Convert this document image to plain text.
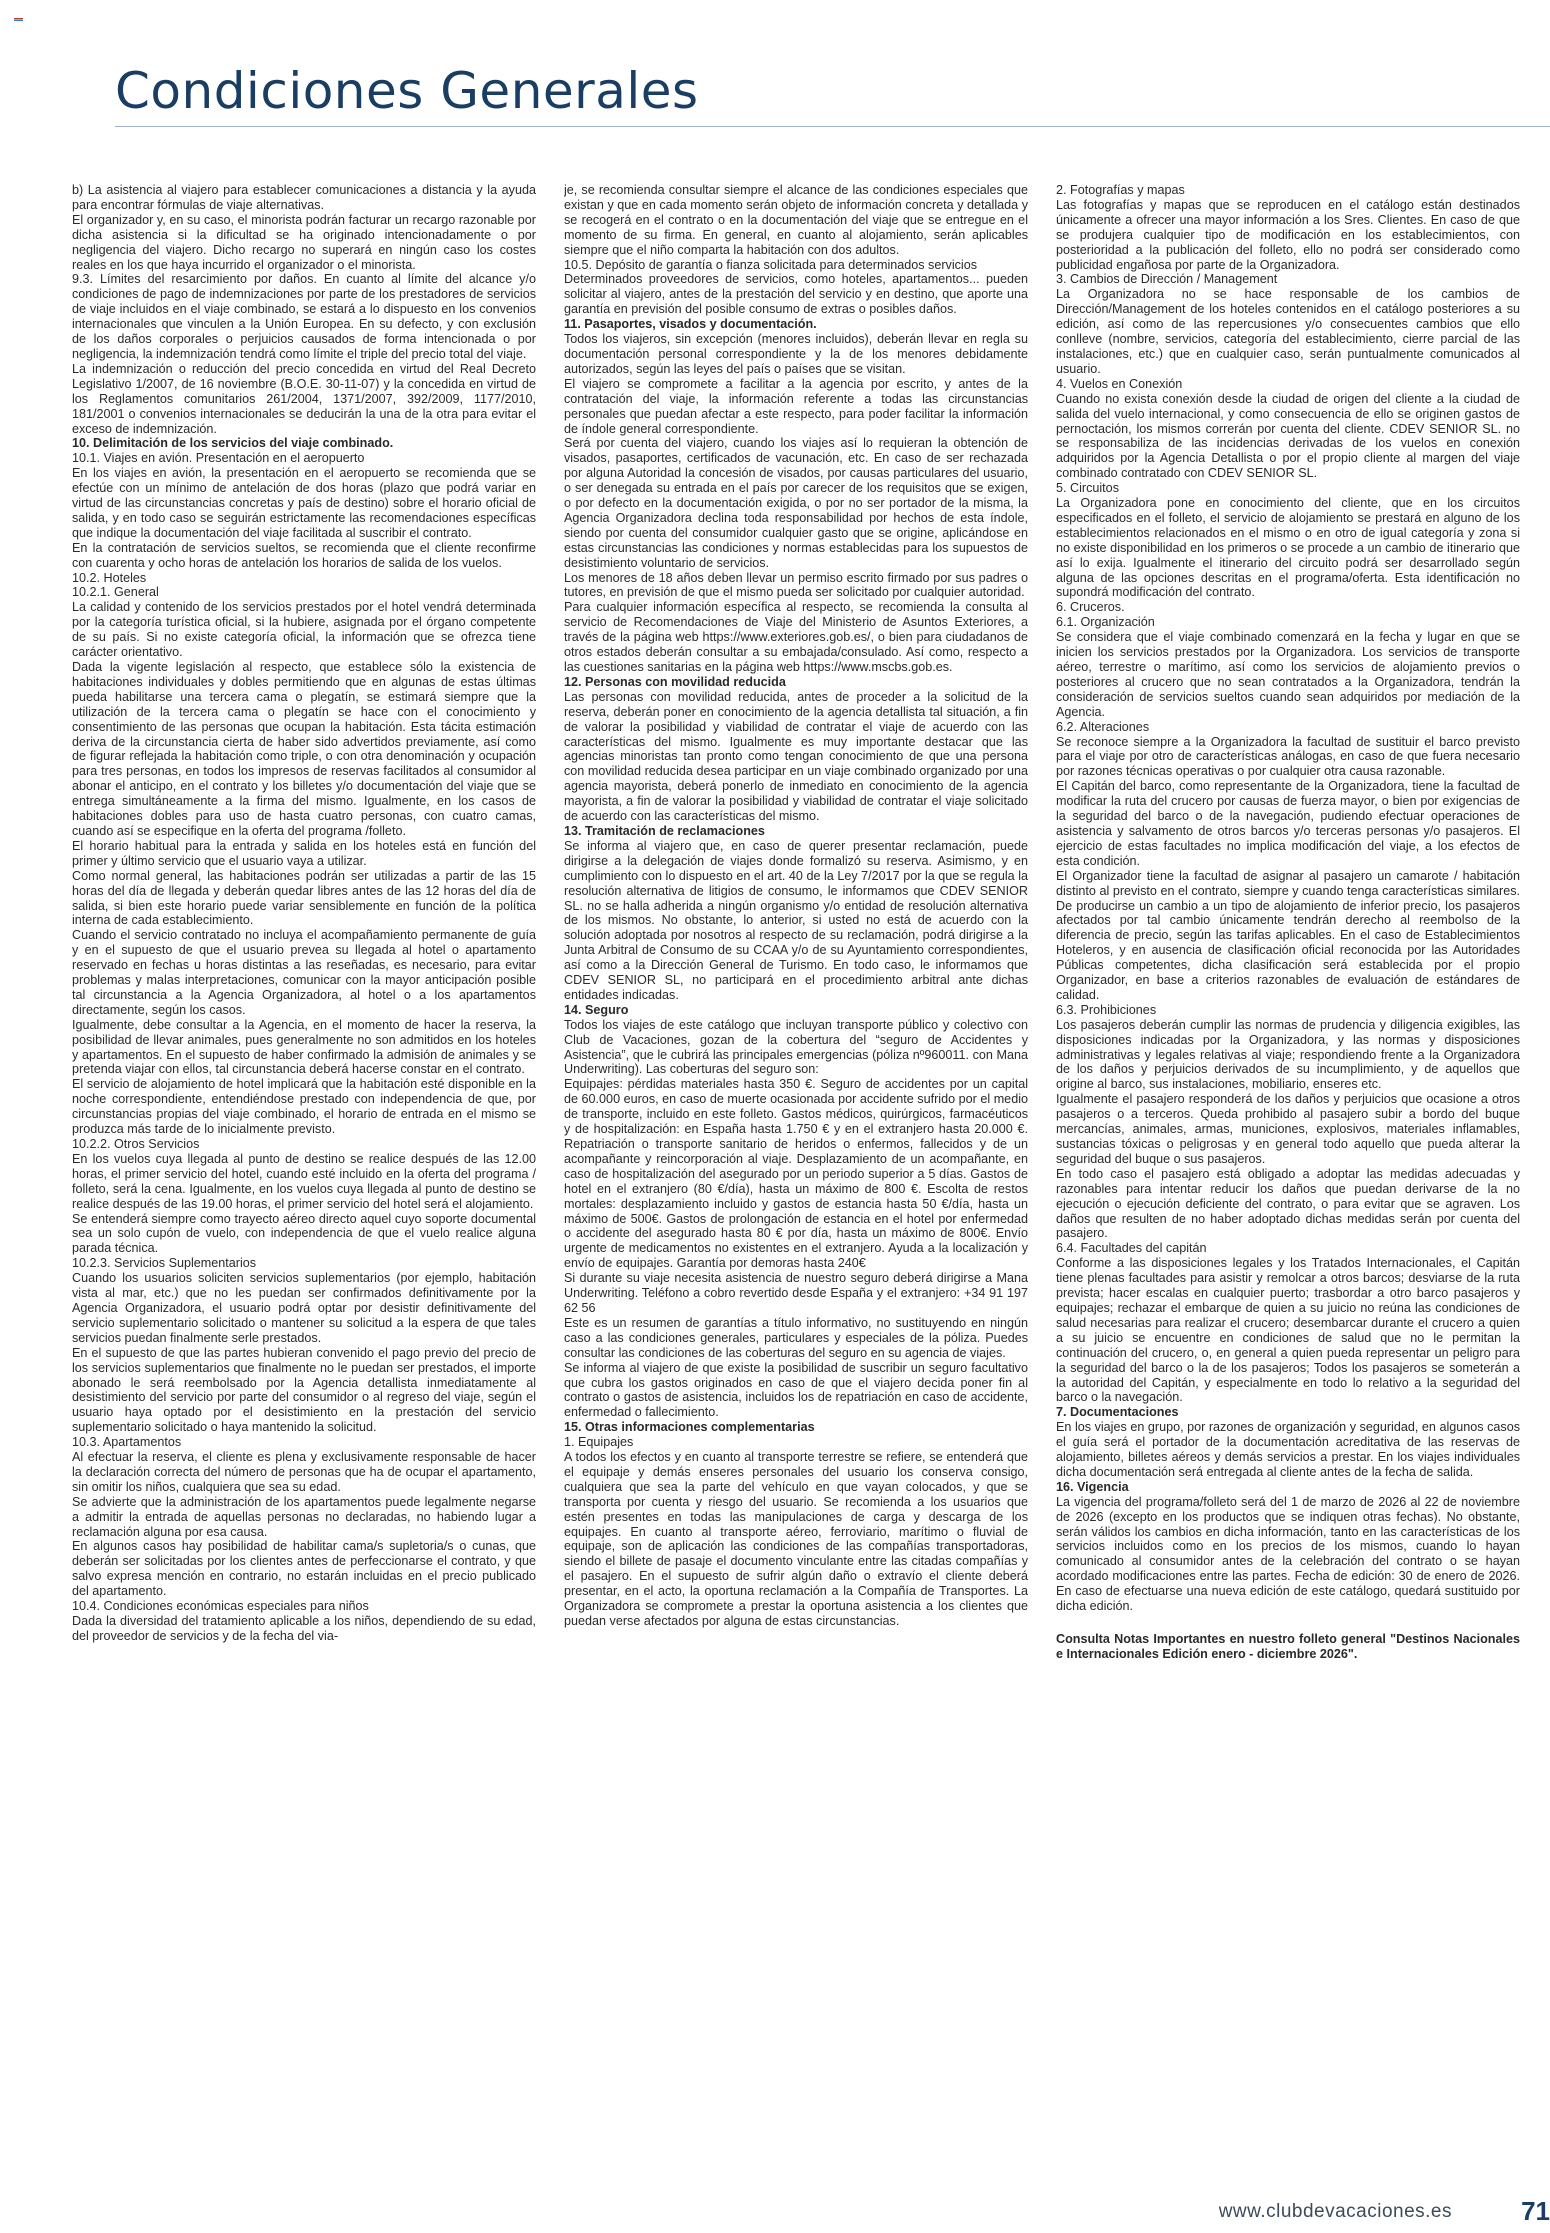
Condiciones Generales

b) La asistencia al viajero para establecer comunicaciones a distancia y la ayuda para encontrar fórmulas de viaje alternativas.

El organizador y, en su caso, el minorista podrán facturar un recargo razonable por dicha asistencia si la dificultad se ha originado intencionadamente o por negligencia del viajero. Dicho recargo no superará en ningún caso los costes reales en los que haya incurrido el organizador o el minorista.

9.3. Límites del resarcimiento por daños. En cuanto al límite del alcance y/o condiciones de pago de indemnizaciones por parte de los prestadores de servicios de viaje incluidos en el viaje combinado, se estará a lo dispuesto en los convenios internacionales que vinculen a la Unión Europea. En su defecto, y con exclusión de los daños corporales o perjuicios causados de forma intencionada o por negligencia, la indemnización tendrá como límite el triple del precio total del viaje.

La indemnización o reducción del precio concedida en virtud del Real Decreto Legislativo 1/2007, de 16 noviembre (B.O.E. 30-11-07) y la concedida en virtud de los Reglamentos comunitarios 261/2004, 1371/2007, 392/2009, 1177/2010, 181/2001 o convenios internacionales se deducirán la una de la otra para evitar el exceso de indemnización.

10. Delimitación de los servicios del viaje combinado.

10.1. Viajes en avión. Presentación en el aeropuerto

En los viajes en avión, la presentación en el aeropuerto se recomienda que se efectúe con un mínimo de antelación de dos horas (plazo que podrá variar en virtud de las circunstancias concretas y país de destino) sobre el horario oficial de salida, y en todo caso se seguirán estrictamente las recomendaciones específicas que indique la documentación del viaje facilitada al suscribir el contrato.

En la contratación de servicios sueltos, se recomienda que el cliente reconfirme con cuarenta y ocho horas de antelación los horarios de salida de los vuelos.

10.2. Hoteles

10.2.1. General

La calidad y contenido de los servicios prestados por el hotel vendrá determinada por la categoría turística oficial, si la hubiere, asignada por el órgano competente de su país. Si no existe categoría oficial, la información que se ofrezca tiene carácter orientativo.

Dada la vigente legislación al respecto, que establece sólo la existencia de habitaciones individuales y dobles permitiendo que en algunas de estas últimas pueda habilitarse una tercera cama o plegatín, se estimará siempre que la utilización de la tercera cama o plegatín se hace con el conocimiento y consentimiento de las personas que ocupan la habitación. Esta tácita estimación deriva de la circunstancia cierta de haber sido advertidos previamente, así como de figurar reflejada la habitación como triple, o con otra denominación y ocupación para tres personas, en todos los impresos de reservas facilitados al consumidor al abonar el anticipo, en el contrato y los billetes y/o documentación del viaje que se entrega simultáneamente a la firma del mismo. Igualmente, en los casos de habitaciones dobles para uso de hasta cuatro personas, con cuatro camas, cuando así se especifique en la oferta del programa /folleto.

El horario habitual para la entrada y salida en los hoteles está en función del primer y último servicio que el usuario vaya a utilizar.

Como normal general, las habitaciones podrán ser utilizadas a partir de las 15 horas del día de llegada y deberán quedar libres antes de las 12 horas del día de salida, si bien este horario puede variar sensiblemente en función de la política interna de cada establecimiento.

Cuando el servicio contratado no incluya el acompañamiento permanente de guía y en el supuesto de que el usuario prevea su llegada al hotel o apartamento reservado en fechas u horas distintas a las reseñadas, es necesario, para evitar problemas y malas interpretaciones, comunicar con la mayor anticipación posible tal circunstancia a la Agencia Organizadora, al hotel o a los apartamentos directamente, según los casos.

Igualmente, debe consultar a la Agencia, en el momento de hacer la reserva, la posibilidad de llevar animales, pues generalmente no son admitidos en los hoteles y apartamentos. En el supuesto de haber confirmado la admisión de animales y se pretenda viajar con ellos, tal circunstancia deberá hacerse constar en el contrato.

El servicio de alojamiento de hotel implicará que la habitación esté disponible en la noche correspondiente, entendiéndose prestado con independencia de que, por circunstancias propias del viaje combinado, el horario de entrada en el mismo se produzca más tarde de lo inicialmente previsto.

10.2.2. Otros Servicios

En los vuelos cuya llegada al punto de destino se realice después de las 12.00 horas, el primer servicio del hotel, cuando esté incluido en la oferta del programa / folleto, será la cena. Igualmente, en los vuelos cuya llegada al punto de destino se realice después de las 19.00 horas, el primer servicio del hotel será el alojamiento.

Se entenderá siempre como trayecto aéreo directo aquel cuyo soporte documental sea un solo cupón de vuelo, con independencia de que el vuelo realice alguna parada técnica.

10.2.3. Servicios Suplementarios

Cuando los usuarios soliciten servicios suplementarios (por ejemplo, habitación vista al mar, etc.) que no les puedan ser confirmados definitivamente por la Agencia Organizadora, el usuario podrá optar por desistir definitivamente del servicio suplementario solicitado o mantener su solicitud a la espera de que tales servicios puedan finalmente serle prestados.

En el supuesto de que las partes hubieran convenido el pago previo del precio de los servicios suplementarios que finalmente no le puedan ser prestados, el importe abonado le será reembolsado por la Agencia detallista inmediatamente al desistimiento del servicio por parte del consumidor o al regreso del viaje, según el usuario haya optado por el desistimiento en la prestación del servicio suplementario solicitado o haya mantenido la solicitud.

10.3. Apartamentos

Al efectuar la reserva, el cliente es plena y exclusivamente responsable de hacer la declaración correcta del número de personas que ha de ocupar el apartamento, sin omitir los niños, cualquiera que sea su edad.

Se advierte que la administración de los apartamentos puede legalmente negarse a admitir la entrada de aquellas personas no declaradas, no habiendo lugar a reclamación alguna por esa causa.

En algunos casos hay posibilidad de habilitar cama/s supletoria/s o cunas, que deberán ser solicitadas por los clientes antes de perfeccionarse el contrato, y que salvo expresa mención en contrario, no estarán incluidas en el precio publicado del apartamento.

10.4. Condiciones económicas especiales para niños

Dada la diversidad del tratamiento aplicable a los niños, dependiendo de su edad, del proveedor de servicios y de la fecha del via-

je, se recomienda consultar siempre el alcance de las condiciones especiales que existan y que en cada momento serán objeto de información concreta y detallada y se recogerá en el contrato o en la documentación del viaje que se entregue en el momento de su firma. En general, en cuanto al alojamiento, serán aplicables siempre que el niño comparta la habitación con dos adultos.

10.5. Depósito de garantía o fianza solicitada para determinados servicios

Determinados proveedores de servicios, como hoteles, apartamentos... pueden solicitar al viajero, antes de la prestación del servicio y en destino, que aporte una garantía en previsión del posible consumo de extras o posibles daños.

11. Pasaportes, visados y documentación.

Todos los viajeros, sin excepción (menores incluidos), deberán llevar en regla su documentación personal correspondiente y la de los menores debidamente autorizados, según las leyes del país o países que se visitan.

El viajero se compromete a facilitar a la agencia por escrito, y antes de la contratación del viaje, la información referente a todas las circunstancias personales que puedan afectar a este respecto, para poder facilitar la información de índole general correspondiente.

Será por cuenta del viajero, cuando los viajes así lo requieran la obtención de visados, pasaportes, certificados de vacunación, etc. En caso de ser rechazada por alguna Autoridad la concesión de visados, por causas particulares del usuario, o ser denegada su entrada en el país por carecer de los requisitos que se exigen, o por defecto en la documentación exigida, o por no ser portador de la misma, la Agencia Organizadora declina toda responsabilidad por hechos de esta índole, siendo por cuenta del consumidor cualquier gasto que se origine, aplicándose en estas circunstancias las condiciones y normas establecidas para los supuestos de desistimiento voluntario de servicios.

Los menores de 18 años deben llevar un permiso escrito firmado por sus padres o tutores, en previsión de que el mismo pueda ser solicitado por cualquier autoridad.

Para cualquier información específica al respecto, se recomienda la consulta al servicio de Recomendaciones de Viaje del Ministerio de Asuntos Exteriores, a través de la página web https://www.exteriores.gob.es/, o bien para ciudadanos de otros estados deberán consultar a su embajada/consulado. Así como, respecto a las cuestiones sanitarias en la página web https://www.mscbs.gob.es.

12. Personas con movilidad reducida

Las personas con movilidad reducida, antes de proceder a la solicitud de la reserva, deberán poner en conocimiento de la agencia detallista tal situación, a fin de valorar la posibilidad y viabilidad de contratar el viaje de acuerdo con las características del mismo. Igualmente es muy importante destacar que las agencias minoristas tan pronto como tengan conocimiento de que una persona con movilidad reducida desea participar en un viaje combinado organizado por una agencia mayorista, deberá ponerlo de inmediato en conocimiento de la agencia mayorista, a fin de valorar la posibilidad y viabilidad de contratar el viaje solicitado de acuerdo con las características del mismo.

13. Tramitación de reclamaciones

Se informa al viajero que, en caso de querer presentar reclamación, puede dirigirse a la delegación de viajes donde formalizó su reserva. Asimismo, y en cumplimiento con lo dispuesto en el art. 40 de la Ley 7/2017 por la que se regula la resolución alternativa de litigios de consumo, le informamos que CDEV SENIOR SL. no se halla adherida a ningún organismo y/o entidad de resolución alternativa de los mismos. No obstante, lo anterior, si usted no está de acuerdo con la solución adoptada por nosotros al respecto de su reclamación, podrá dirigirse a la Junta Arbitral de Consumo de su CCAA y/o de su Ayuntamiento correspondientes, así como a la Dirección General de Turismo. En todo caso, le informamos que CDEV SENIOR SL, no participará en el procedimiento arbitral ante dichas entidades indicadas.

14. Seguro

Todos los viajes de este catálogo que incluyan transporte público y colectivo con Club de Vacaciones, gozan de la cobertura del “seguro de Accidentes y Asistencia”, que le cubrirá las principales emergencias (póliza nº960011. con Mana Underwriting). Las coberturas del seguro son:

Equipajes: pérdidas materiales hasta 350 €. Seguro de accidentes por un capital de 60.000 euros, en caso de muerte ocasionada por accidente sufrido por el medio de transporte, incluido en este folleto. Gastos médicos, quirúrgicos, farmacéuticos y de hospitalización: en España hasta 1.750 € y en el extranjero hasta 20.000 €. Repatriación o transporte sanitario de heridos o enfermos, fallecidos y de un acompañante y reincorporación al viaje. Desplazamiento de un acompañante, en caso de hospitalización del asegurado por un periodo superior a 5 días. Gastos de hotel en el extranjero (80 €/día), hasta un máximo de 800 €. Escolta de restos mortales: desplazamiento incluido y gastos de estancia hasta 50 €/día, hasta un máximo de 500€. Gastos de prolongación de estancia en el hotel por enfermedad o accidente del asegurado hasta 80 € por día, hasta un máximo de 800€. Envío urgente de medicamentos no existentes en el extranjero. Ayuda a la localización y envío de equipajes. Garantía por demoras hasta 240€

Si durante su viaje necesita asistencia de nuestro seguro deberá dirigirse a Mana Underwriting. Teléfono a cobro revertido desde España y el extranjero: +34 91 197 62 56

Este es un resumen de garantías a título informativo, no sustituyendo en ningún caso a las condiciones generales, particulares y especiales de la póliza. Puedes consultar las condiciones de las coberturas del seguro en su agencia de viajes.

Se informa al viajero de que existe la posibilidad de suscribir un seguro facultativo que cubra los gastos originados en caso de que el viajero decida poner fin al contrato o gastos de asistencia, incluidos los de repatriación en caso de accidente, enfermedad o fallecimiento.

15. Otras informaciones complementarias

1. Equipajes

A todos los efectos y en cuanto al transporte terrestre se refiere, se entenderá que el equipaje y demás enseres personales del usuario los conserva consigo, cualquiera que sea la parte del vehículo en que vayan colocados, y que se transporta por cuenta y riesgo del usuario. Se recomienda a los usuarios que estén presentes en todas las manipulaciones de carga y descarga de los equipajes. En cuanto al transporte aéreo, ferroviario, marítimo o fluvial de equipaje, son de aplicación las condiciones de las compañías transportadoras, siendo el billete de pasaje el documento vinculante entre las citadas compañías y el pasajero. En el supuesto de sufrir algún daño o extravío el cliente deberá presentar, en el acto, la oportuna reclamación a la Compañía de Transportes. La Organizadora se compromete a prestar la oportuna asistencia a los clientes que puedan verse afectados por alguna de estas circunstancias.

2. Fotografías y mapas

Las fotografías y mapas que se reproducen en el catálogo están destinados únicamente a ofrecer una mayor información a los Sres. Clientes. En caso de que se produjera cualquier tipo de modificación en los establecimientos, con posterioridad a la publicación del folleto, ello no podrá ser considerado como publicidad engañosa por parte de la Organizadora.

3. Cambios de Dirección / Management

La Organizadora no se hace responsable de los cambios de Dirección/Management de los hoteles contenidos en el catálogo posteriores a su edición, así como de las repercusiones y/o consecuentes cambios que ello conlleve (nombre, servicios, categoría del establecimiento, cierre parcial de las instalaciones, etc.) que en cualquier caso, serán puntualmente comunicados al usuario.

4. Vuelos en Conexión

Cuando no exista conexión desde la ciudad de origen del cliente a la ciudad de salida del vuelo internacional, y como consecuencia de ello se originen gastos de pernoctación, los mismos correrán por cuenta del cliente. CDEV SENIOR SL. no se responsabiliza de las incidencias derivadas de los vuelos en conexión adquiridos por la Agencia Detallista o por el propio cliente al margen del viaje combinado contratado con CDEV SENIOR SL.

5. Circuitos

La Organizadora pone en conocimiento del cliente, que en los circuitos especificados en el folleto, el servicio de alojamiento se prestará en alguno de los establecimientos relacionados en el mismo o en otro de igual categoría y zona si no existe disponibilidad en los primeros o se procede a un cambio de itinerario que así lo exija. Igualmente el itinerario del circuito podrá ser desarrollado según alguna de las opciones descritas en el programa/oferta. Esta identificación no supondrá modificación del contrato.

6. Cruceros.

6.1. Organización

Se considera que el viaje combinado comenzará en la fecha y lugar en que se inicien los servicios prestados por la Organizadora. Los servicios de transporte aéreo, terrestre o marítimo, así como los servicios de alojamiento previos o posteriores al crucero que no sean contratados a la Organizadora, tendrán la consideración de servicios sueltos cuando sean adquiridos por mediación de la Agencia.

6.2. Alteraciones

Se reconoce siempre a la Organizadora la facultad de sustituir el barco previsto para el viaje por otro de características análogas, en caso de que fuera necesario por razones técnicas operativas o por cualquier otra causa razonable.

El Capitán del barco, como representante de la Organizadora, tiene la facultad de modificar la ruta del crucero por causas de fuerza mayor, o bien por exigencias de la seguridad del barco o de la navegación, pudiendo efectuar operaciones de asistencia y salvamento de otros barcos y/o terceras personas y/o pasajeros. El ejercicio de estas facultades no implica modificación del viaje, a los efectos de esta condición.

El Organizador tiene la facultad de asignar al pasajero un camarote / habitación distinto al previsto en el contrato, siempre y cuando tenga características similares. De producirse un cambio a un tipo de alojamiento de inferior precio, los pasajeros afectados por tal cambio únicamente tendrán derecho al reembolso de la diferencia de precio, según las tarifas aplicables. En el caso de Establecimientos Hoteleros, y en ausencia de clasificación oficial reconocida por las Autoridades Públicas competentes, dicha clasificación será establecida por el propio Organizador, en base a criterios razonables de evaluación de estándares de calidad.

6.3. Prohibiciones

Los pasajeros deberán cumplir las normas de prudencia y diligencia exigibles, las disposiciones indicadas por la Organizadora, y las normas y disposiciones administrativas y legales relativas al viaje; respondiendo frente a la Organizadora de los daños y perjuicios derivados de su incumplimiento, y de aquellos que origine al barco, sus instalaciones, mobiliario, enseres etc.

Igualmente el pasajero responderá de los daños y perjuicios que ocasione a otros pasajeros o a terceros. Queda prohibido al pasajero subir a bordo del buque mercancías, animales, armas, municiones, explosivos, materiales inflamables, sustancias tóxicas o peligrosas y en general todo aquello que pueda alterar la seguridad del buque o sus pasajeros.

En todo caso el pasajero está obligado a adoptar las medidas adecuadas y razonables para intentar reducir los daños que puedan derivarse de la no ejecución o ejecución deficiente del contrato, o para evitar que se agraven. Los daños que resulten de no haber adoptado dichas medidas serán por cuenta del pasajero.

6.4. Facultades del capitán

Conforme a las disposiciones legales y los Tratados Internacionales, el Capitán tiene plenas facultades para asistir y remolcar a otros barcos; desviarse de la ruta prevista; hacer escalas en cualquier puerto; trasbordar a otro barco pasajeros y equipajes; rechazar el embarque de quien a su juicio no reúna las condiciones de salud necesarias para realizar el crucero; desembarcar durante el crucero a quien a su juicio se encuentre en condiciones de salud que no le permitan la continuación del crucero, o, en general a quien pueda representar un peligro para la seguridad del barco o la de los pasajeros; Todos los pasajeros se someterán a la autoridad del Capitán, y especialmente en todo lo relativo a la seguridad del barco o la navegación.

7. Documentaciones

En los viajes en grupo, por razones de organización y seguridad, en algunos casos el guía será el portador de la documentación acreditativa de las reservas de alojamiento, billetes aéreos y demás servicios a prestar. En los viajes individuales dicha documentación será entregada al cliente antes de la fecha de salida.

16. Vigencia

La vigencia del programa/folleto será del 1 de marzo de 2026 al 22 de noviembre de 2026 (excepto en los productos que se indiquen otras fechas). No obstante, serán válidos los cambios en dicha información, tanto en las características de los servicios incluidos como en los precios de los mismos, cuando lo hayan comunicado al consumidor antes de la celebración del contrato o se hayan acordado modificaciones entre las partes. Fecha de edición: 30 de enero de 2026. En caso de efectuarse una nueva edición de este catálogo, quedará sustituido por dicha edición.

Consulta Notas Importantes en nuestro folleto general "Destinos Nacionales e Internacionales Edición enero - diciembre 2026".

www.clubdevacaciones.es	71
